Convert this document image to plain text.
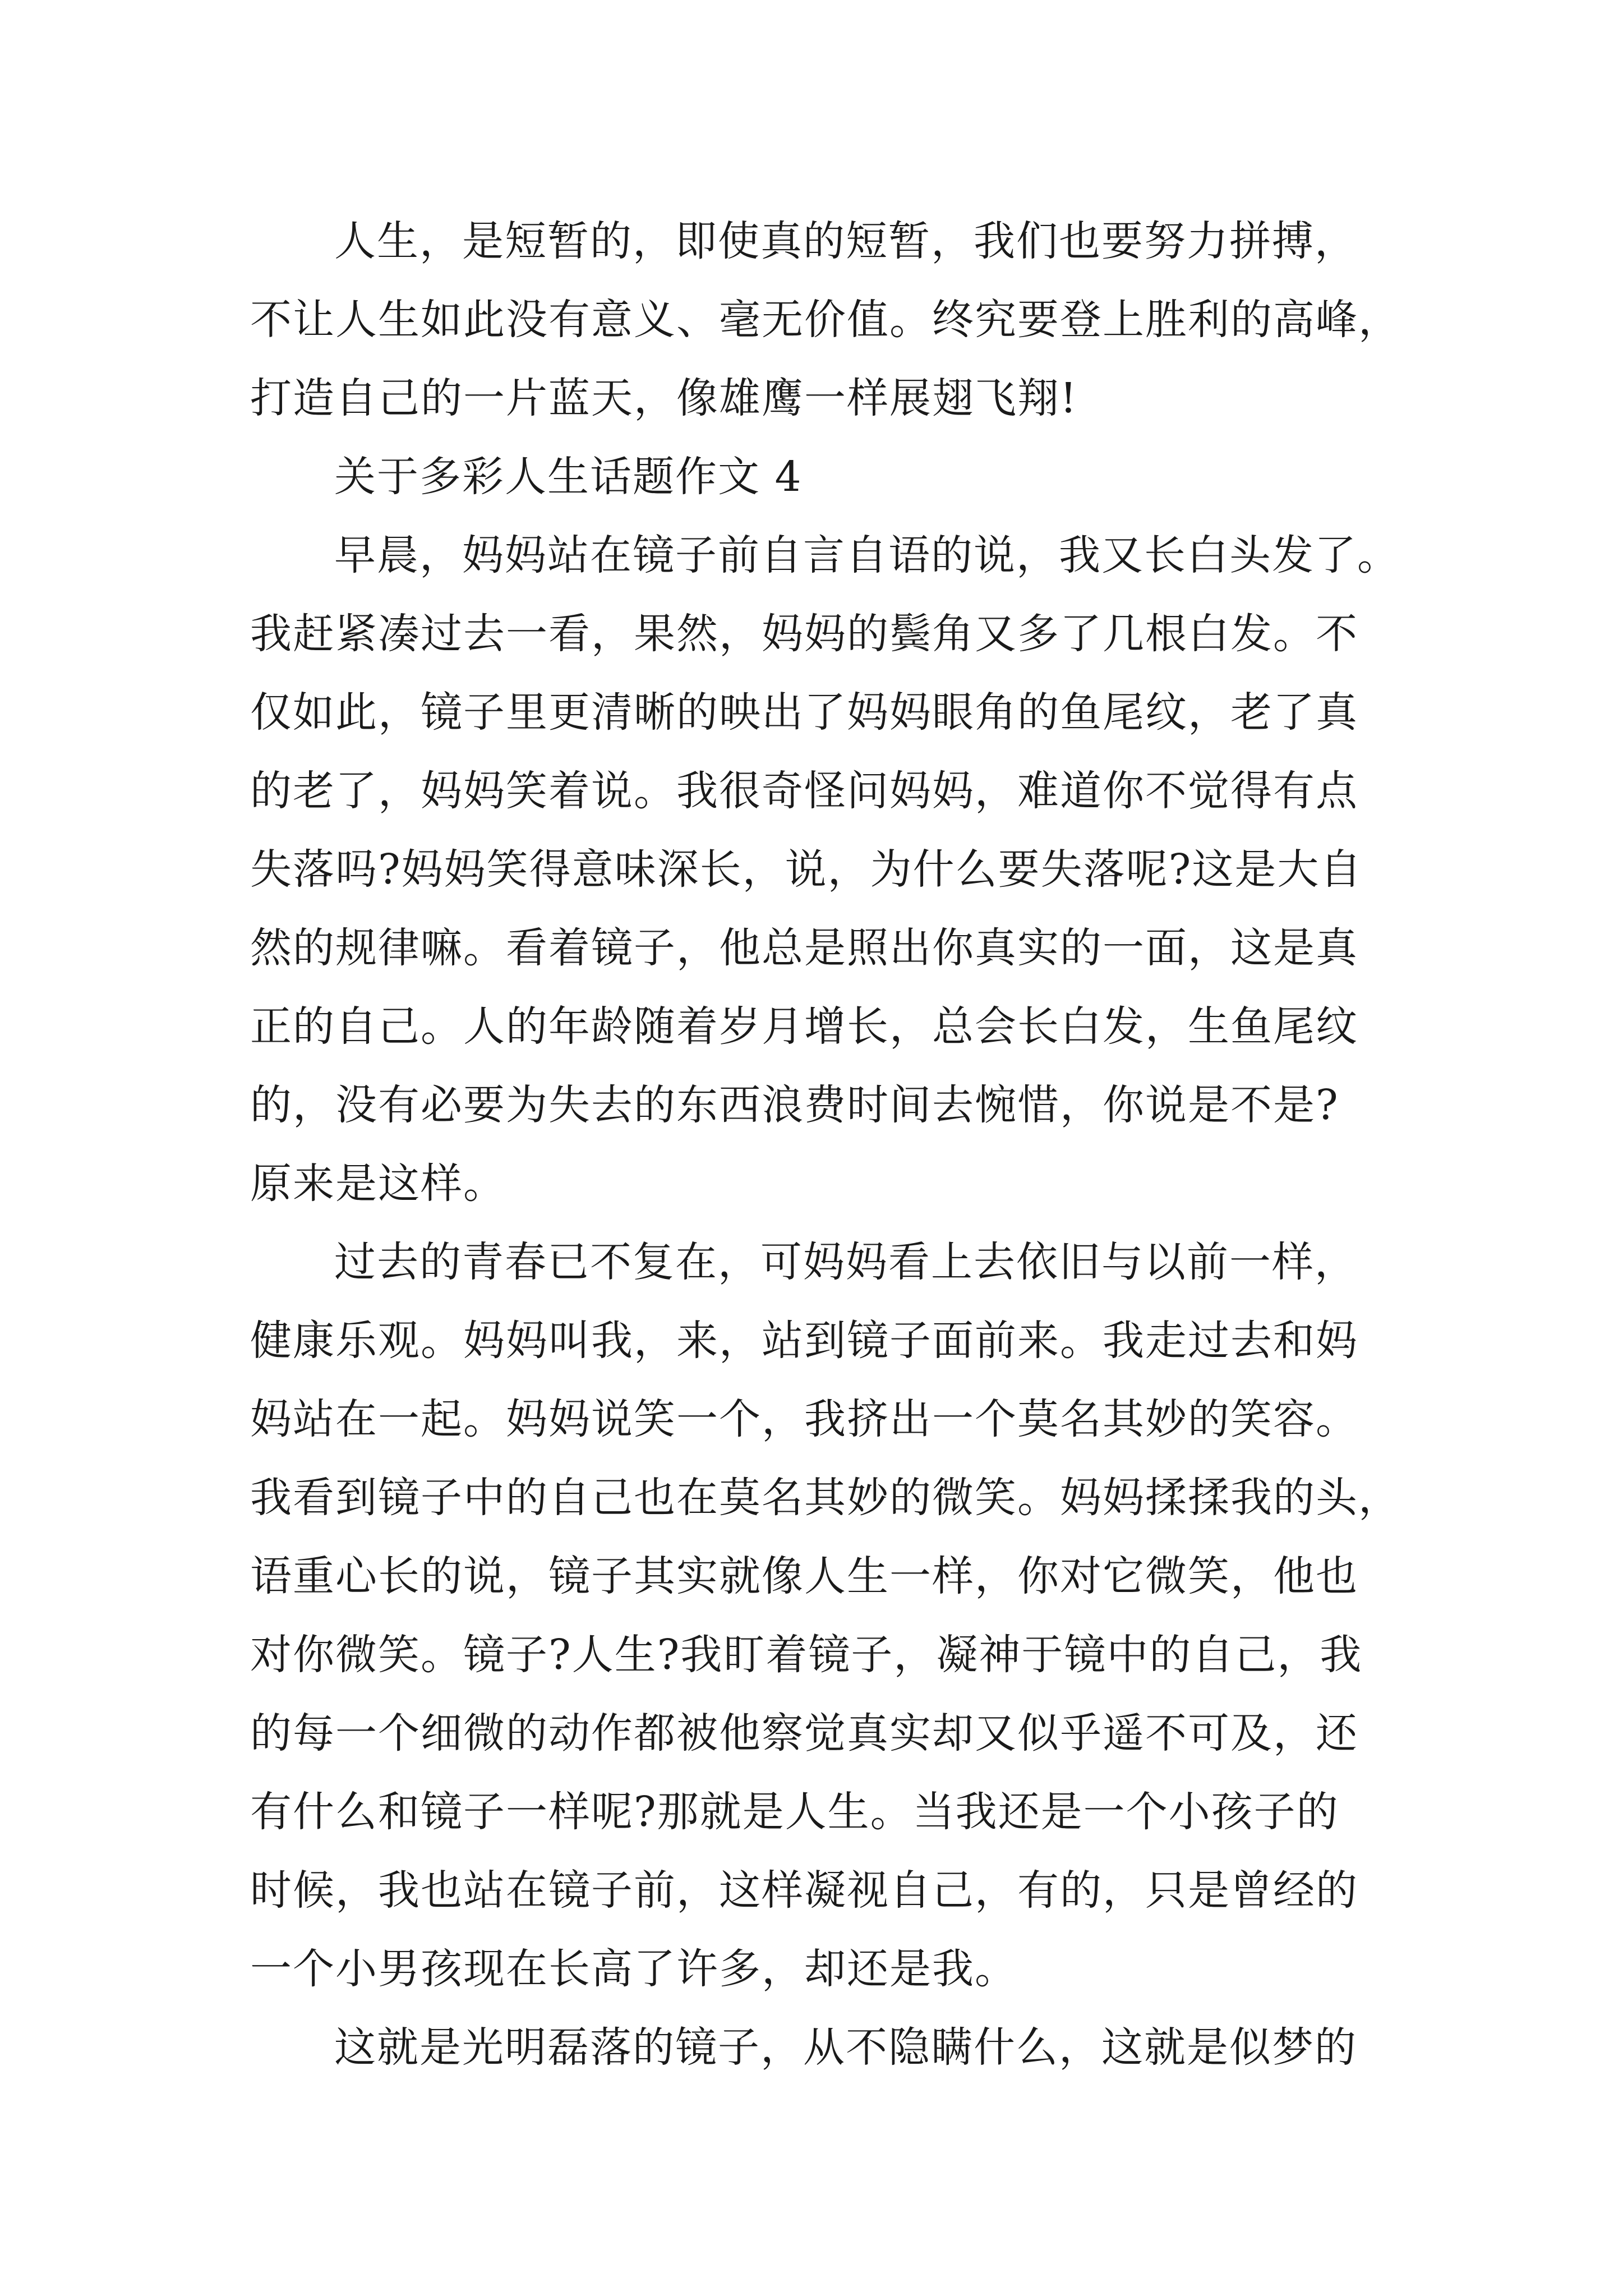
人生，是短暂的，即使真的短暂，我们也要努力拼搏，
不让人生如此没有意义、毫无价值。终究要登上胜利的高峰，
打造自己的一片蓝天，像雄鹰一样展翅飞翔!
关于多彩人生话题作文 4
早晨，妈妈站在镜子前自言自语的说，我又长白头发了。
我赶紧凑过去一看，果然，妈妈的鬓角又多了几根白发。不
仅如此，镜子里更清晰的映出了妈妈眼角的鱼尾纹，老了真
的老了，妈妈笑着说。我很奇怪问妈妈，难道你不觉得有点
失落吗?妈妈笑得意味深长，说，为什么要失落呢?这是大自
然的规律嘛。看着镜子，他总是照出你真实的一面，这是真
正的自己。人的年龄随着岁月增长，总会长白发，生鱼尾纹
的，没有必要为失去的东西浪费时间去惋惜，你说是不是?
原来是这样。
过去的青春已不复在，可妈妈看上去依旧与以前一样，
健康乐观。妈妈叫我，来，站到镜子面前来。我走过去和妈
妈站在一起。妈妈说笑一个，我挤出一个莫名其妙的笑容。
我看到镜子中的自己也在莫名其妙的微笑。妈妈揉揉我的头，
语重心长的说，镜子其实就像人生一样，你对它微笑，他也
对你微笑。镜子?人生?我盯着镜子，凝神于镜中的自己，我
的每一个细微的动作都被他察觉真实却又似乎遥不可及，还
有什么和镜子一样呢?那就是人生。当我还是一个小孩子的
时候，我也站在镜子前，这样凝视自己，有的，只是曾经的
一个小男孩现在长高了许多，却还是我。
这就是光明磊落的镜子，从不隐瞒什么，这就是似梦的
